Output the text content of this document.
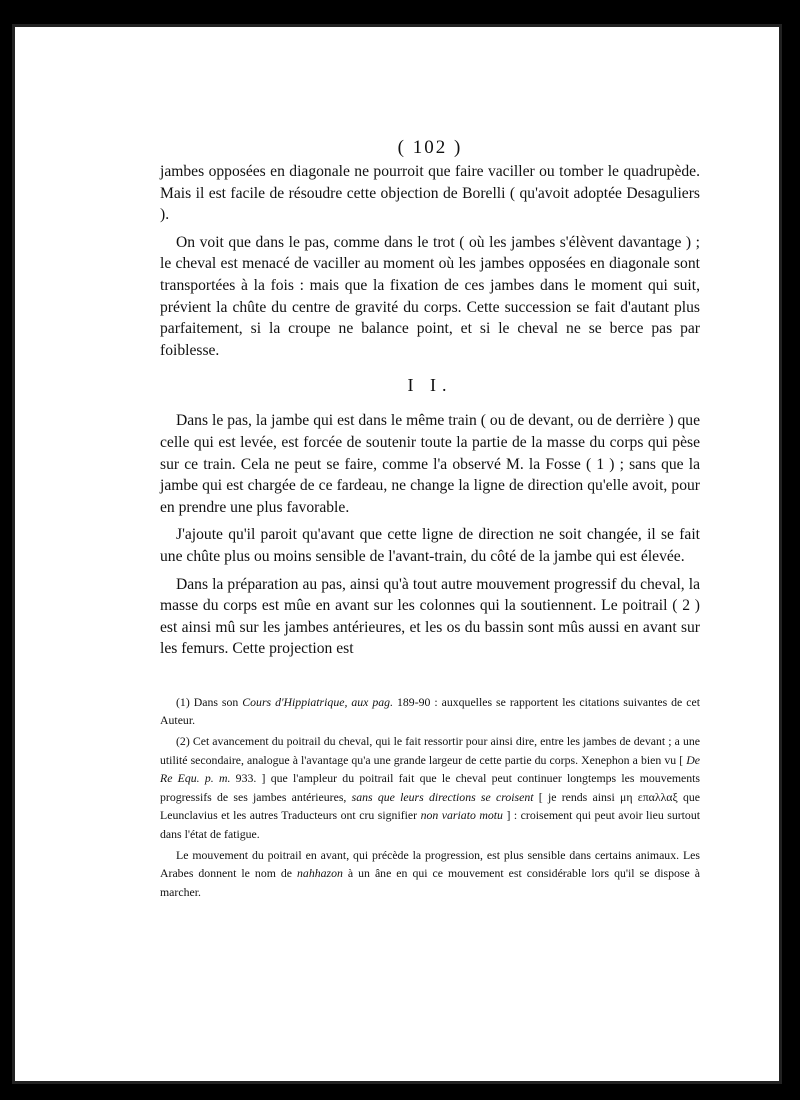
( 102 )

jambes opposées en diagonale ne pourroit que faire vaciller ou tomber le quadrupède. Mais il est facile de résoudre cette objection de Borelli ( qu'avoit adoptée Desaguliers ).

On voit que dans le pas, comme dans le trot ( où les jambes s'élèvent davantage ) ; le cheval est menacé de vaciller au moment où les jambes opposées en diagonale sont transportées à la fois : mais que la fixation de ces jambes dans le moment qui suit, prévient la chûte du centre de gravité du corps. Cette succession se fait d'autant plus parfaitement, si la croupe ne balance point, et si le cheval ne se berce pas par foiblesse.

I I.

Dans le pas, la jambe qui est dans le même train ( ou de devant, ou de derrière ) que celle qui est levée, est forcée de soutenir toute la partie de la masse du corps qui pèse sur ce train. Cela ne peut se faire, comme l'a observé M. la Fosse ( 1 ) ; sans que la jambe qui est chargée de ce fardeau, ne change la ligne de direction qu'elle avoit, pour en prendre une plus favorable.

J'ajoute qu'il paroit qu'avant que cette ligne de direction ne soit changée, il se fait une chûte plus ou moins sensible de l'avant-train, du côté de la jambe qui est élevée.

Dans la préparation au pas, ainsi qu'à tout autre mouvement progressif du cheval, la masse du corps est mûe en avant sur les colonnes qui la soutiennent. Le poitrail ( 2 ) est ainsi mû sur les jambes antérieures, et les os du bassin sont mûs aussi en avant sur les femurs. Cette projection est

(1) Dans son Cours d'Hippiatrique, aux pag. 189-90 : auxquelles se rapportent les citations suivantes de cet Auteur.

(2) Cet avancement du poitrail du cheval, qui le fait ressortir pour ainsi dire, entre les jambes de devant ; a une utilité secondaire, analogue à l'avantage qu'a une grande largeur de cette partie du corps. Xenephon a bien vu [ De Re Equ. p. m. 933. ] que l'ampleur du poitrail fait que le cheval peut continuer longtemps les mouvements progressifs de ses jambes antérieures, sans que leurs directions se croisent [ je rends ainsi μη επαλλαξ que Leunclavius et les autres Traducteurs ont cru signifier non variato motu ] : croisement qui peut avoir lieu surtout dans l'état de fatigue.

Le mouvement du poitrail en avant, qui précède la progression, est plus sensible dans certains animaux. Les Arabes donnent le nom de nahhazon à un âne en qui ce mouvement est considérable lors qu'il se dispose à marcher.
